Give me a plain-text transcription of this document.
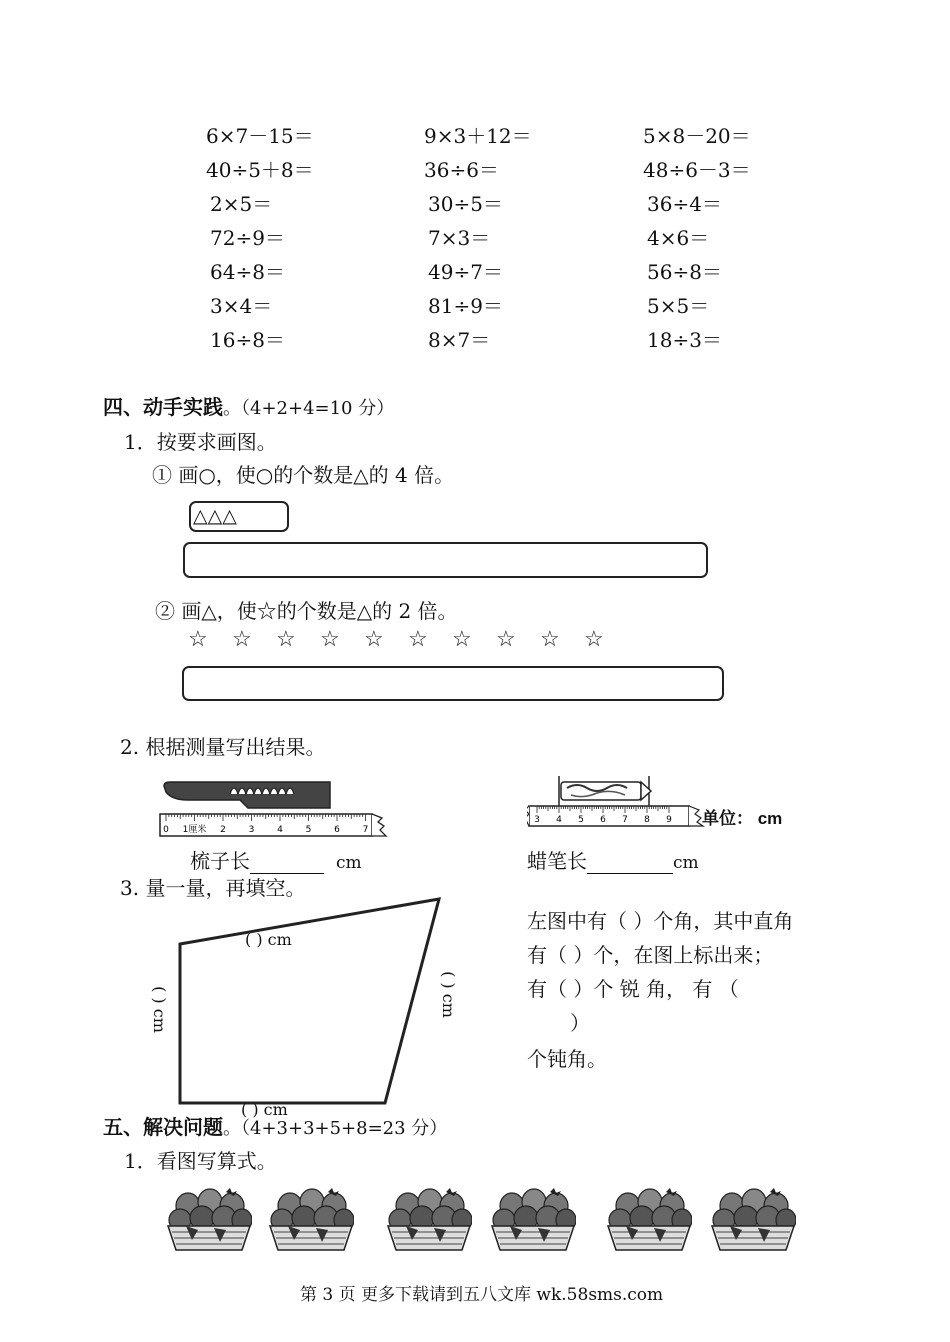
6×7－15＝	9×3＋12＝	5×8－20＝
40÷5＋8＝	36÷6＝	48÷6－3＝
2×5＝	30÷5＝	36÷4＝
72÷9＝	7×3＝	4×6＝
64÷8＝	49÷7＝	56÷8＝
3×4＝	81÷9＝	5×5＝
16÷8＝	8×7＝	18÷3＝
四、动手实践。（4+2+4=10 分）
1．按要求画图。
① 画○，使○的个数是△的 4 倍。
△△△
② 画△，使☆的个数是△的 2 倍。
☆ ☆ ☆ ☆ ☆ ☆ ☆ ☆ ☆ ☆
2. 根据测量写出结果。
0 1厘米 2	3	4	5	6	7
梳子长	cm
3 4 5 6 7 8 9 单位： cm
蜡笔长	cm
3. 量一量，再填空。
( ) cm
( ) cm	( ) cm
( ) cm
左图中有（ ）个角，其中直角
有（ ）个，在图上标出来；
有（ ）个 锐 角， 有 （
）
个钝角。
五、解决问题。（4+3+3+5+8=23 分）
1．看图写算式。
第 3 页 更多下载请到五八文库 wk.58sms.com
